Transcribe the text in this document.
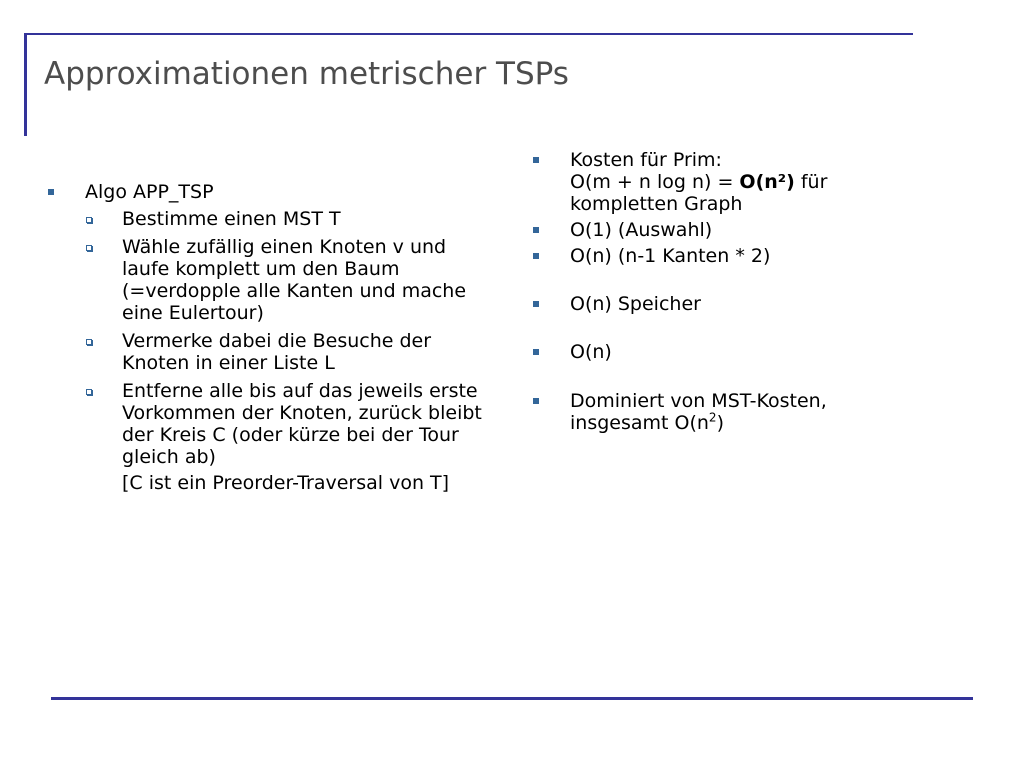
Approximationen metrischer TSPs
Algo APP_TSP
Bestimme einen MST T
Wähle zufällig einen Knoten v und laufe komplett um den Baum (=verdopple alle Kanten und mache eine Eulertour)
Vermerke dabei die Besuche der Knoten in einer Liste L
Entferne alle bis auf das jeweils erste Vorkommen der Knoten, zurück bleibt der Kreis C (oder kürze bei der Tour gleich ab)
[C ist ein Preorder-Traversal von T]
Kosten für Prim:
O(m + n log n) = O(n²) für
kompletten Graph
O(1) (Auswahl)
O(n) (n-1 Kanten * 2)
O(n) Speicher
O(n)
Dominiert von MST-Kosten,
insgesamt $O(n^2)$
